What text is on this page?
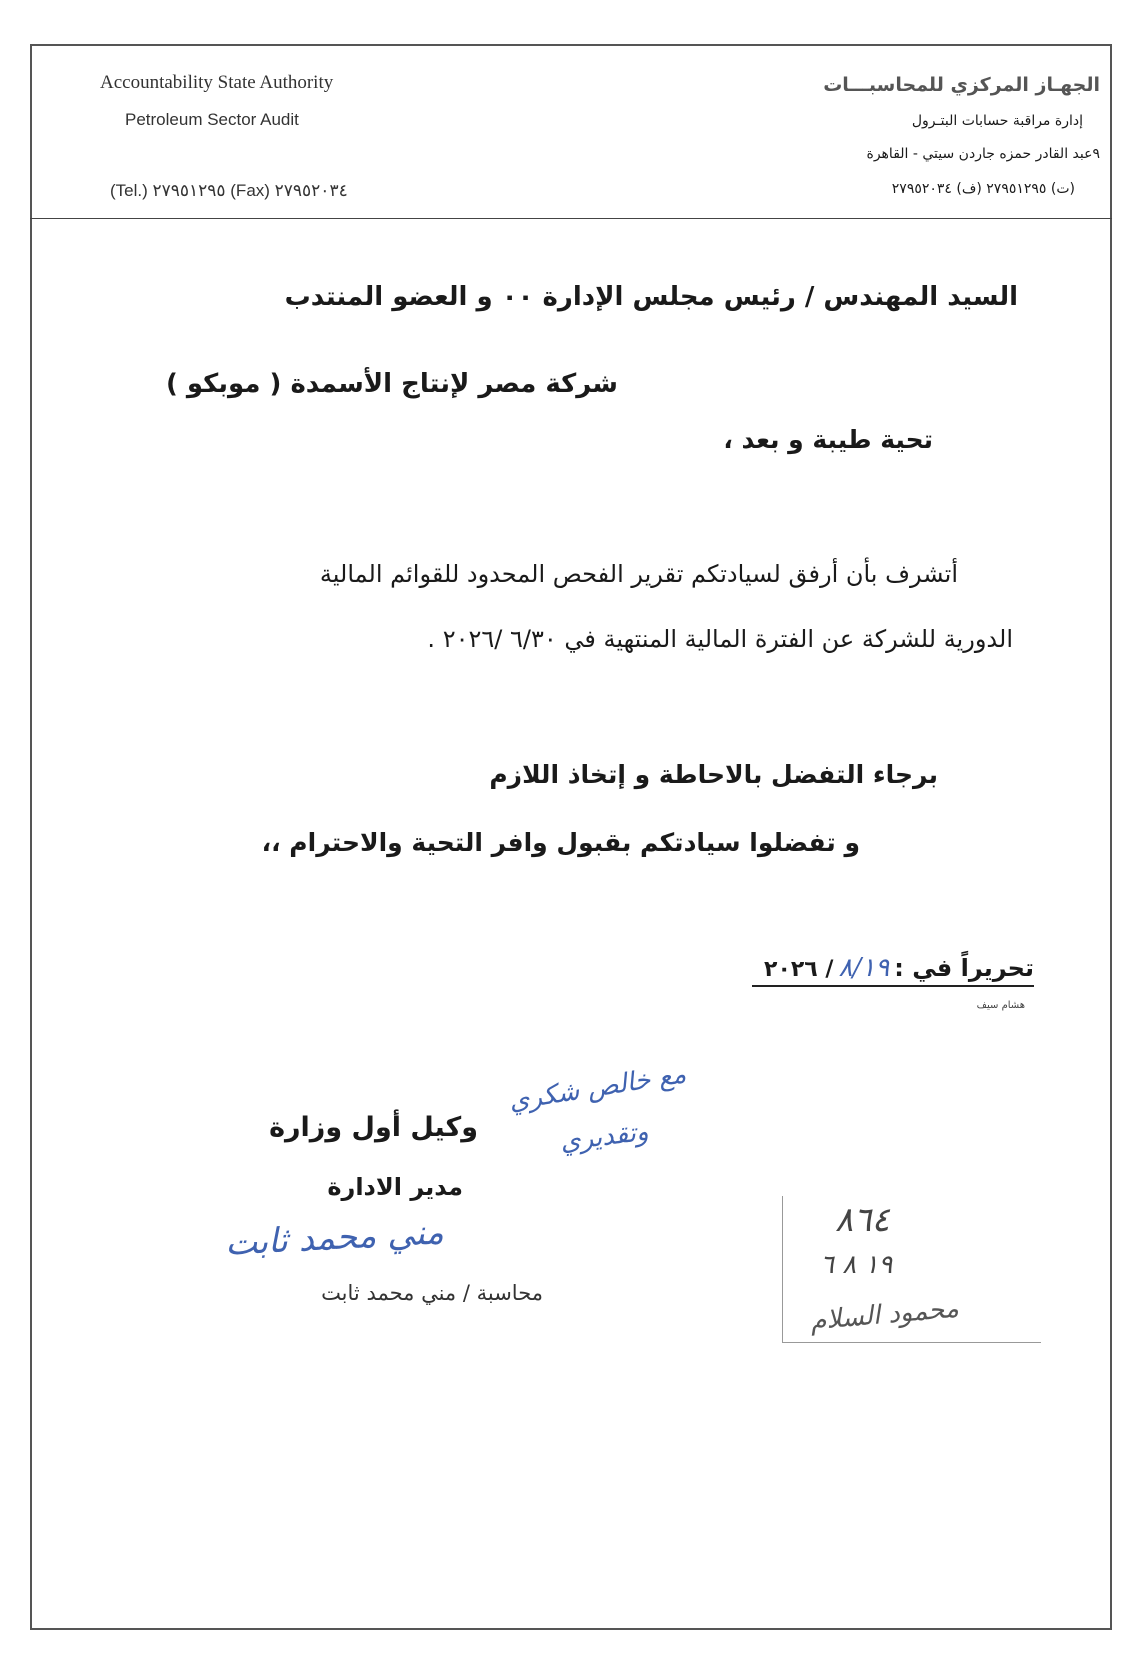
Accountability State Authority
Petroleum Sector Audit
(Tel.) ٢٧٩٥١٢٩٥ (Fax) ٢٧٩٥٢٠٣٤
الجهـاز المركزي للمحاسبـــات
إدارة مراقبة حسابات البتـرول
٩عبد القادر حمزه جاردن سيتي - القاهرة
(ت) ٢٧٩٥١٢٩٥ (ف) ٢٧٩٥٢٠٣٤
السيد المهندس / رئيس مجلس الإدارة ٠٠ و العضو المنتدب
شركة مصر لإنتاج الأسمدة ( موبكو )
تحية طيبة و بعد ،
أتشرف بأن أرفق لسيادتكم تقرير الفحص المحدود للقوائم المالية
الدورية للشركة عن الفترة المالية المنتهية في ٦/٣٠ /٢٠٢٦ .
برجاء التفضل بالاحاطة و إتخاذ اللازم
و تفضلوا سيادتكم بقبول وافر التحية والاحترام ،،
تحريراً في : ٨/١٩ / ٢٠٢٦
هشام سيف
مع خالص شكري
وتقديري
وكيل أول وزارة
مدير الادارة
مني محمد ثابت
محاسبة / مني محمد ثابت
٨٦٤
١٩ ٨ ٦
محمود السلام
